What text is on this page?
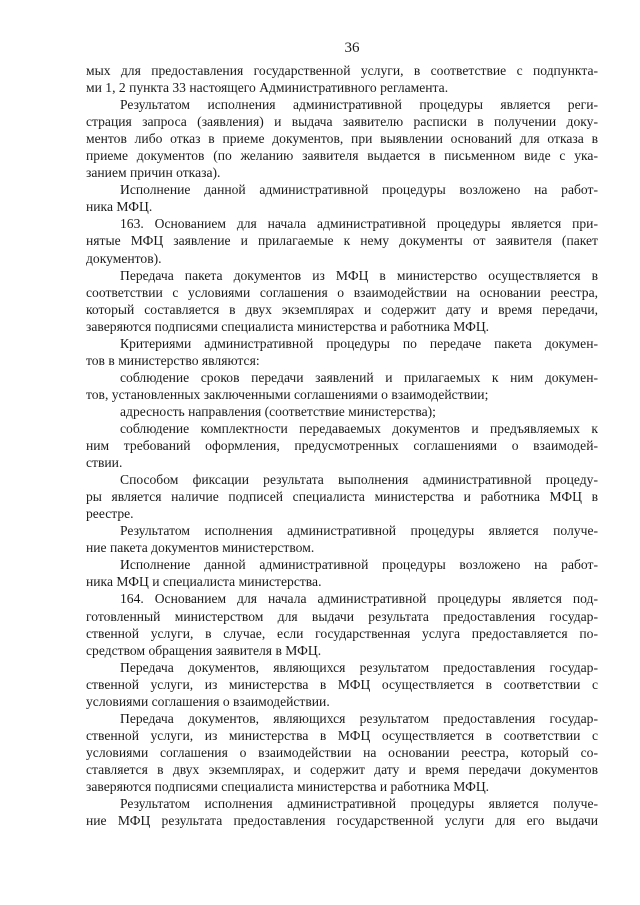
36
мых для предоставления государственной услуги, в соответствие с подпункта-
ми 1, 2 пункта 33 настоящего Административного регламента.
Результатом исполнения административной процедуры является реги-
страция запроса (заявления) и выдача заявителю расписки в получении доку-
ментов либо отказ в приеме документов, при выявлении оснований для отказа в
приеме документов (по желанию заявителя выдается в письменном виде с ука-
занием причин отказа).
Исполнение данной административной процедуры возложено на работ-
ника МФЦ.
163. Основанием для начала административной процедуры является при-
нятые МФЦ заявление и прилагаемые к нему документы от заявителя (пакет
документов).
Передача пакета документов из МФЦ в министерство осуществляется в
соответствии с условиями соглашения о взаимодействии на основании реестра,
который составляется в двух экземплярах и содержит дату и время передачи,
заверяются подписями специалиста министерства и работника МФЦ.
Критериями административной процедуры по передаче пакета докумен-
тов в министерство являются:
соблюдение сроков передачи заявлений и прилагаемых к ним докумен-
тов, установленных заключенными соглашениями о взаимодействии;
адресность направления (соответствие министерства);
соблюдение комплектности передаваемых документов и предъявляемых к
ним требований оформления, предусмотренных соглашениями о взаимодей-
ствии.
Способом фиксации результата выполнения административной процеду-
ры является наличие подписей специалиста министерства и работника МФЦ в
реестре.
Результатом исполнения административной процедуры является получе-
ние пакета документов министерством.
Исполнение данной административной процедуры возложено на работ-
ника МФЦ и специалиста министерства.
164. Основанием для начала административной процедуры является под-
готовленный министерством для выдачи результата предоставления государ-
ственной услуги, в случае, если государственная услуга предоставляется по-
средством обращения заявителя в МФЦ.
Передача документов, являющихся результатом предоставления государ-
ственной услуги, из министерства в МФЦ осуществляется в соответствии с
условиями соглашения о взаимодействии.
Передача документов, являющихся результатом предоставления государ-
ственной услуги, из министерства в МФЦ осуществляется в соответствии с
условиями соглашения о взаимодействии на основании реестра, который со-
ставляется в двух экземплярах, и содержит дату и время передачи документов
заверяются подписями специалиста министерства и работника МФЦ.
Результатом исполнения административной процедуры является получе-
ние МФЦ результата предоставления государственной услуги для его выдачи
